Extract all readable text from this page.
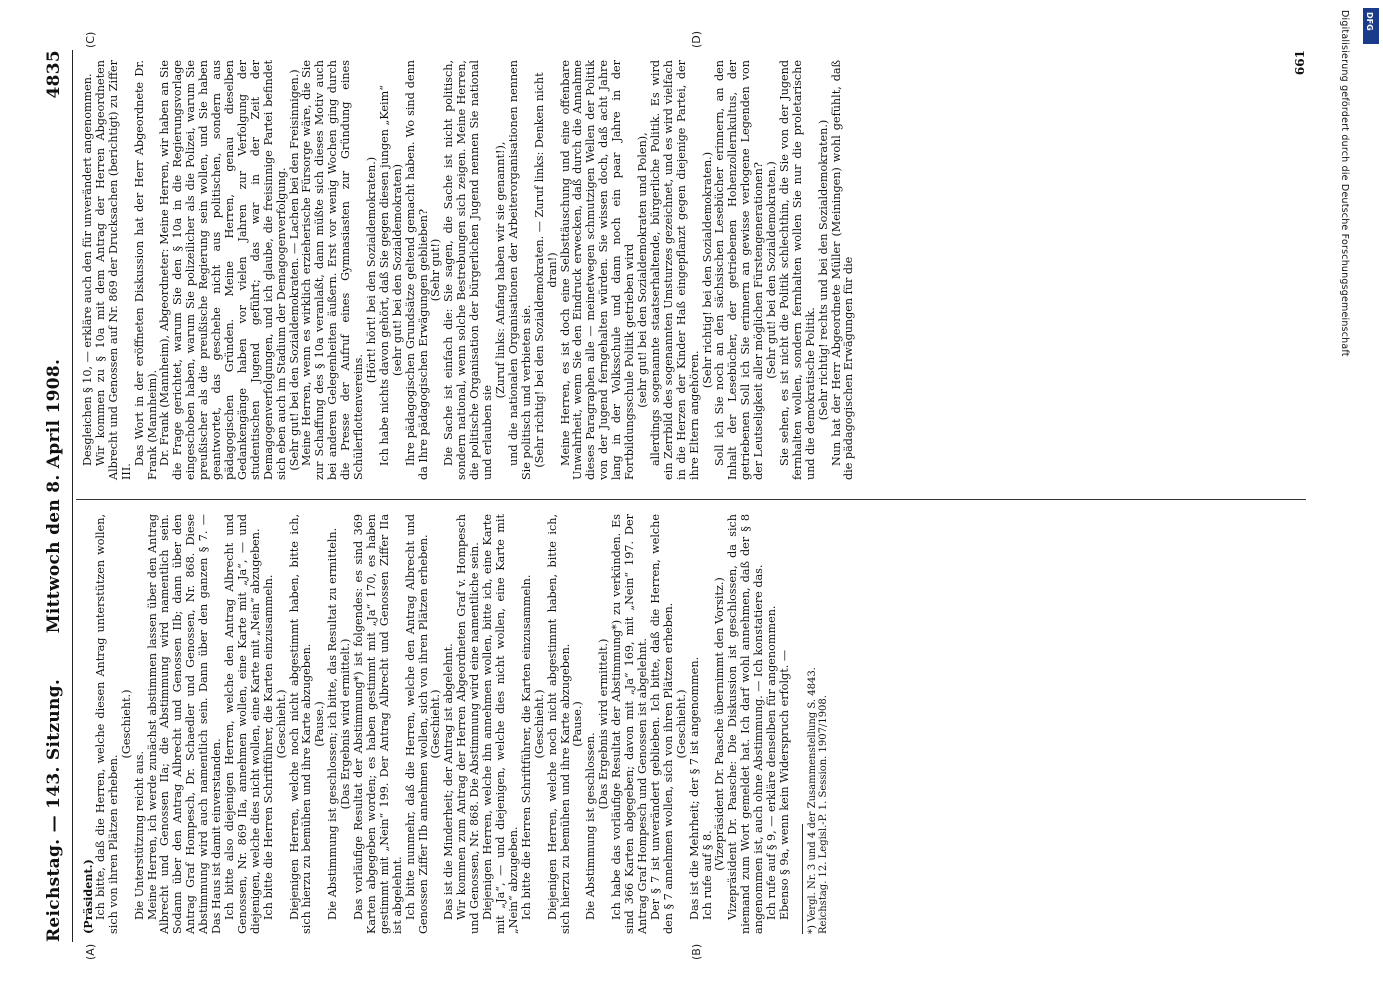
Reichstag. — 143. Sitzung.
Mittwoch den 8. April 1908.
4835
(A)	(B)
(C)	(D)

(Präsident.)

Ich bitte, daß die Herren, welche diesen Antrag unterstützen wollen, sich von ihren Plätzen erheben.

(Geschieht.)

Die Unterstützung reicht aus. Meine Herren, ich werde zunächst abstimmen lassen über den Antrag Albrecht und Genossen IIa; die Abstimmung wird namentlich sein. Sodann über den Antrag Albrecht und Genossen IIb; dann über den Antrag Graf Hompesch, Dr. Schaedler und Genossen, Nr. 868. Diese Abstimmung wird auch namentlich sein. Dann über den ganzen § 7. — Das Haus ist damit einverstanden. Ich bitte also diejenigen Herren, welche den Antrag Albrecht und Genossen, Nr. 869 IIa, annehmen wollen, eine Karte mit „Ja“, — und diejenigen, welche dies nicht wollen, eine Karte mit „Nein“ abzugeben. Ich bitte die Herren Schriftführer, die Karten einzusammeln. (Geschieht.) Diejenigen Herren, welche noch nicht abgestimmt haben, bitte ich, sich hierzu zu bemühen und ihre Karte abzugeben. (Pause.) Die Abstimmung ist geschlossen; ich bitte, das Resultat zu ermitteln. (Das Ergebnis wird ermittelt.) Das vorläufige Resultat der Abstimmung*) ist folgendes: es sind 369 Karten abgegeben worden; es haben gestimmt mit „Ja“ 170, es haben gestimmt mit „Nein“ 199. Der Antrag Albrecht und Genossen Ziffer IIa ist abgelehnt. Ich bitte nunmehr, daß die Herren, welche den Antrag Albrecht und Genossen Ziffer IIb annehmen wollen, sich von ihren Plätzen erheben. (Geschieht.) Das ist die Minderheit; der Antrag ist abgelehnt. Wir kommen zum Antrag der Herren Abgeordneten Graf v. Hompesch und Genossen, Nr. 868. Die Abstimmung wird eine namentliche sein. Diejenigen Herren, welche ihn annehmen wollen, bitte ich, eine Karte mit „Ja“, — und diejenigen, welche dies nicht wollen, eine Karte mit „Nein“ abzugeben. Ich bitte die Herren Schriftführer, die Karten einzusammeln. (Geschieht.) Diejenigen Herren, welche noch nicht abgestimmt haben, bitte ich, sich hierzu zu bemühen und ihre Karte abzugeben. (Pause.)

Die Abstimmung ist geschlossen.

(Das Ergebnis wird ermittelt.) Ich habe das vorläufige Resultat der Abstimmung*) zu verkünden. Es sind 366 Karten abgegeben; davon mit „Ja“ 169, mit „Nein“ 197. Der Antrag Graf Hompesch und Genossen ist abgelehnt. Der § 7 ist unverändert geblieben. Ich bitte, daß die Herren, welche den § 7 annehmen wollen, sich von ihren Plätzen erheben. (Geschieht.) Das ist die Mehrheit; der § 7 ist angenommen. Ich rufe auf § 8.

(Vizepräsident Dr. Paasche übernimmt den Vorsitz.) Vizepräsident Dr. Paasche: Die Diskussion ist geschlossen, da sich niemand zum Wort gemeldet hat. Ich darf wohl annehmen, daß der § 8 angenommen ist, auch ohne Abstimmung. — Ich konstatiere das. Ich rufe auf § 9, — erkläre denselben für angenommen. Ebenso § 9a, wenn kein Widerspruch erfolgt. — *) Vergl. Nr. 3 und 4 der Zusammenstellung S. 4843. Reichstag. 12. Legisl.-P. 1. Session. 1907/1908.

Desgleichen § 10, — erkläre auch den für unverändert angenommen. Wir kommen zu § 10a mit dem Antrag der Herren Abgeordneten Albrecht und Genossen auf Nr. 869 der Drucksachen (berichtigt) zu Ziffer III.

Das Wort in der eröffneten Diskussion hat der Herr Abgeordnete Dr. Frank (Mannheim). Dr. Frank (Mannheim), Abgeordneter: Meine Herren, wir haben an Sie die Frage gerichtet, warum Sie den § 10a in die Regierungsvorlage eingeschoben haben, warum Sie polizeilicher als die Polizei, warum Sie preußischer als die preußische Regierung sein wollen, und Sie haben geantwortet, das geschehe nicht aus politischen, sondern aus pädagogischen Gründen. Meine Herren, genau dieselben Gedankengänge haben vor vielen Jahren zur Verfolgung der studentischen Jugend geführt; das war in der Zeit der Demagogenverfolgungen, und ich glaube, die freisinnige Partei befindet sich eben auch im Stadium der Demagogenverfolgung. (Sehr gut! bei den Sozialdemokraten. — Lachen bei den Freisinnigen.) Meine Herren, wenn es wirklich erzieherische Fürsorge wäre, die Sie zur Schaffung des § 10a veranlaßt, dann müßte sich dieses Motiv auch bei anderen Gelegenheiten äußern. Erst vor wenig Wochen ging durch die Presse der Aufruf eines Gymnasiasten zur Gründung eines Schülerflottenvereins.

(Hört! hört! bei den Sozialdemokraten.) Ich habe nichts davon gehört, daß Sie gegen diesen jungen „Keim“ (sehr gut! bei den Sozialdemokraten) Ihre pädagogischen Grundsätze geltend gemacht haben. Wo sind denn da Ihre pädagogischen Erwägungen geblieben? (Sehr gut!) Die Sache ist einfach die: Sie sagen, die Sache ist nicht politisch, sondern national, wenn solche Bestrebungen sich zeigen. Meine Herren, die politische Organisation der bürgerlichen Jugend nennen Sie national und erlauben sie

(Zuruf links: Anfang haben wir sie genannt!), und die nationalen Organisationen der Arbeiterorganisationen nennen Sie politisch und verbieten sie. (Sehr richtig! bei den Sozialdemokraten. — Zuruf links: Denken nicht dran!) Meine Herren, es ist doch eine Selbsttäuschung und eine offenbare Unwahrheit, wenn Sie den Eindruck erwecken, daß durch die Annahme dieses Paragraphen alle — meinetwegen schmutzigen Wellen der Politik von der Jugend ferngehalten würden. Sie wissen doch, daß acht Jahre lang in der Volksschule und dann noch ein paar Jahre in der Fortbildungsschule Politik getrieben wird (sehr gut! bei den Sozialdemokraten und Polen), allerdings sogenannte staatserhaltende, bürgerliche Politik. Es wird ein Zerrbild des sogenannten Umsturzes gezeichnet, und es wird vielfach in die Herzen der Kinder Haß eingepflanzt gegen diejenige Partei, der ihre Eltern angehören.

(Sehr richtig! bei den Sozialdemokraten.) Soll ich Sie noch an den sächsischen Lesebücher erinnern, an den Inhalt der Lesebücher, der getriebenen Hohenzollernkultus, der getriebenen Soll ich Sie erinnern an gewisse verlogene Legenden von der Leutseligkeit aller möglichen Fürstengenerationen? (Sehr gut! bei den Sozialdemokraten.) Sie sehen, es ist nicht die Politik schlechthin, die Sie von der Jugend fernhalten wollen, sondern fernhalten wollen Sie nur die proletarische und die demokratische Politik. (Sehr richtig! rechts und bei den Sozialdemokraten.) Nun hat der Herr Abgeordnete Müller (Meiningen) wohl gefühlt, daß die pädagogischen Erwägungen für die

661	Digitalisierung gefördert durch die Deutsche Forschungsgemeinschaft DFG
